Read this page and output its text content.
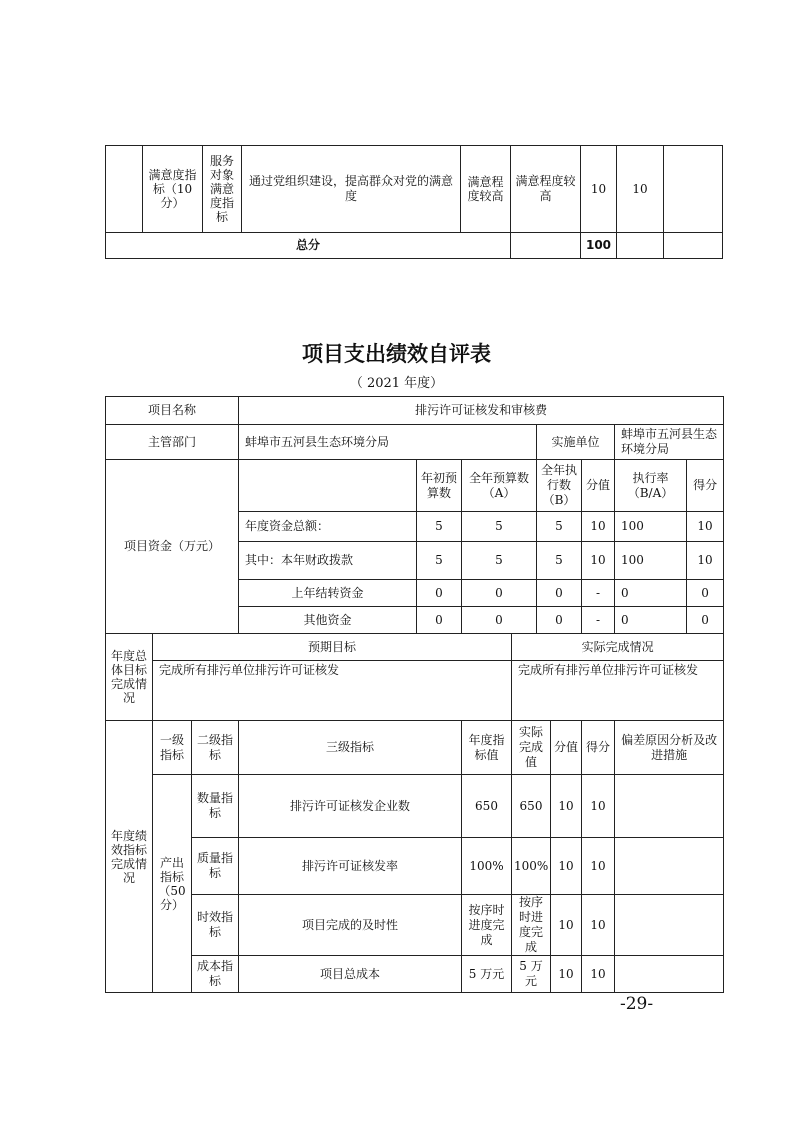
	满意度指标（10 分）	服务对象满意度指标	通过党组织建设，提高群众对党的满意度	满意程度较高	满意程度较高	10	10	
总分						100		
项目支出绩效自评表
（ 2021 年度）
项目名称			排污许可证核发和审核费								
主管部门			蚌埠市五河县生态环境分局				实施单位			蚌埠市五河县生态环境分局	
项目资金（万元）				年初预算数	全年预算数（A）		全年执行数（B）		分值	执行率（B/A）	得分
			年度资金总额：	5	5		5		10	100	10
			其中：本年财政拨款	5	5		5		10	100	10
			上年结转资金	0	0		0		-	0	0
			其他资金	0	0		0		-	0	0
年度总体目标完成情况	预期目标					实际完成情况					
	完成所有排污单位排污许可证核发					完成所有排污单位排污许可证核发					
年度绩效指标完成情况	一级指标	二级指标	三级指标		年度指标值	实际完成值		分值	得分	偏差原因分析及改进措施	
	产出指标（50分）	数量指标	排污许可证核发企业数		650	650		10	10		
		质量指标	排污许可证核发率		100%	100%		10	10		
		时效指标	项目完成的及时性		按序时进度完成	按序时进度完成		10	10		
		成本指标	项目总成本		5 万元	5 万元		10	10		
-29-
